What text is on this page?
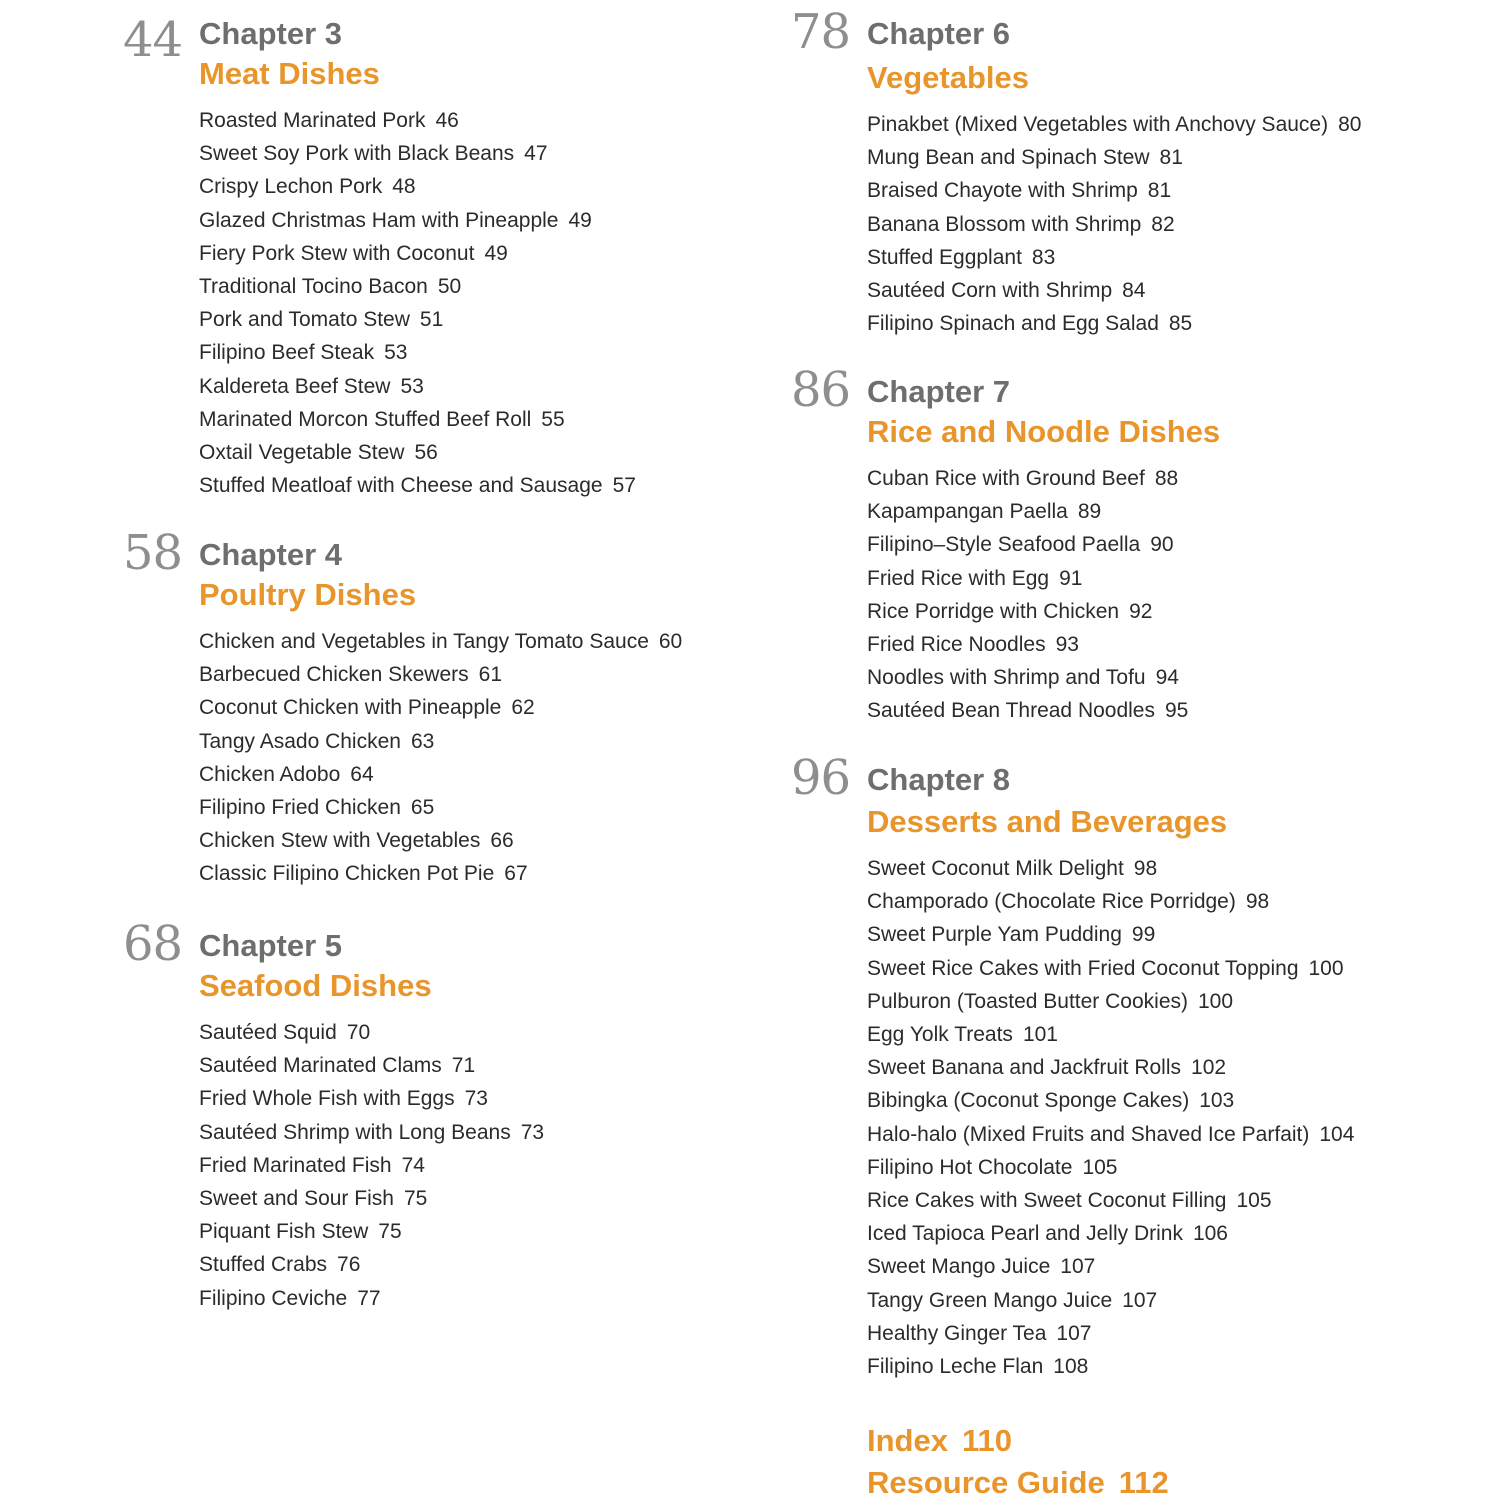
44 Chapter 3
Meat Dishes
Roasted Marinated Pork 46
Sweet Soy Pork with Black Beans 47
Crispy Lechon Pork 48
Glazed Christmas Ham with Pineapple 49
Fiery Pork Stew with Coconut 49
Traditional Tocino Bacon 50
Pork and Tomato Stew 51
Filipino Beef Steak 53
Kaldereta Beef Stew 53
Marinated Morcon Stuffed Beef Roll 55
Oxtail Vegetable Stew 56
Stuffed Meatloaf with Cheese and Sausage 57
58 Chapter 4
Poultry Dishes
Chicken and Vegetables in Tangy Tomato Sauce 60
Barbecued Chicken Skewers 61
Coconut Chicken with Pineapple 62
Tangy Asado Chicken 63
Chicken Adobo 64
Filipino Fried Chicken 65
Chicken Stew with Vegetables 66
Classic Filipino Chicken Pot Pie 67
68 Chapter 5
Seafood Dishes
Sautéed Squid 70
Sautéed Marinated Clams 71
Fried Whole Fish with Eggs 73
Sautéed Shrimp with Long Beans 73
Fried Marinated Fish 74
Sweet and Sour Fish 75
Piquant Fish Stew 75
Stuffed Crabs 76
Filipino Ceviche 77
78 Chapter 6
Vegetables
Pinakbet (Mixed Vegetables with Anchovy Sauce) 80
Mung Bean and Spinach Stew 81
Braised Chayote with Shrimp 81
Banana Blossom with Shrimp 82
Stuffed Eggplant 83
Sautéed Corn with Shrimp 84
Filipino Spinach and Egg Salad 85
86 Chapter 7
Rice and Noodle Dishes
Cuban Rice with Ground Beef 88
Kapampangan Paella 89
Filipino–Style Seafood Paella 90
Fried Rice with Egg 91
Rice Porridge with Chicken 92
Fried Rice Noodles 93
Noodles with Shrimp and Tofu 94
Sautéed Bean Thread Noodles 95
96 Chapter 8
Desserts and Beverages
Sweet Coconut Milk Delight 98
Champorado (Chocolate Rice Porridge) 98
Sweet Purple Yam Pudding 99
Sweet Rice Cakes with Fried Coconut Topping 100
Pulburon (Toasted Butter Cookies) 100
Egg Yolk Treats 101
Sweet Banana and Jackfruit Rolls 102
Bibingka (Coconut Sponge Cakes) 103
Halo-halo (Mixed Fruits and Shaved Ice Parfait) 104
Filipino Hot Chocolate 105
Rice Cakes with Sweet Coconut Filling 105
Iced Tapioca Pearl and Jelly Drink 106
Sweet Mango Juice 107
Tangy Green Mango Juice 107
Healthy Ginger Tea 107
Filipino Leche Flan 108
Index 110
Resource Guide 112
